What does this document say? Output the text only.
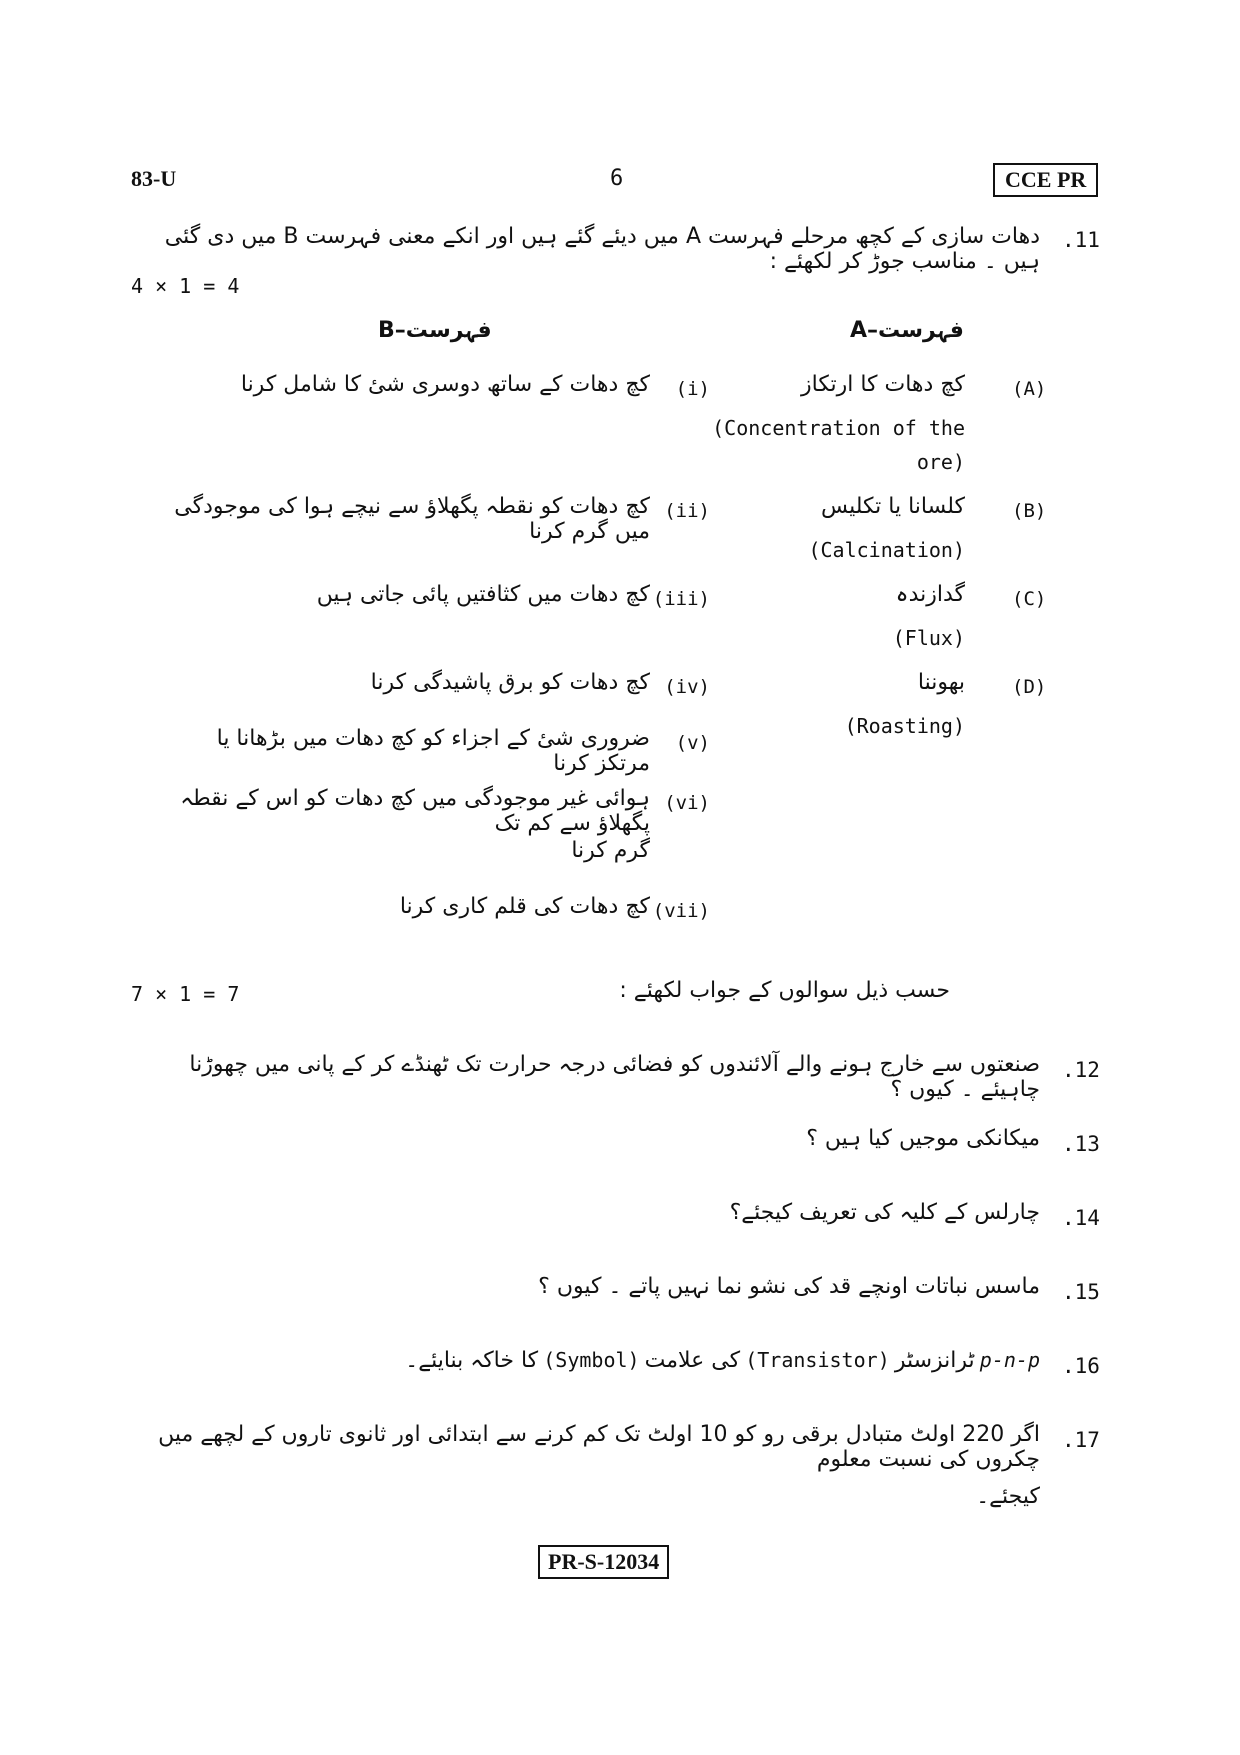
83-U	6	CCE PR
.11
دھات سازی کے کچھ مرحلے فہرست A میں دیئے گئے ہیں اور انکے معنی فہرست B میں دی گئی ہیں ۔ مناسب جوڑ کر لکھئے :
4 × 1 = 4
فہرست–A
فہرست–B
(A)
کچ دھات کا ارتکاز
(Concentration of the
ore)
(B)
کلسانا یا تکلیس
(Calcination)
(C)
گدازندہ
(Flux)
(D)
بھوننا
(Roasting)
(i)
کچ دھات کے ساتھ دوسری شیٔ کا شامل کرنا
(ii)
کچ دھات کو نقطہ پگھلاؤ سے نیچے ہوا کی موجودگی میں گرم کرنا
(iii)
کچ دھات میں کثافتیں پائی جاتی ہیں
(iv)
کچ دھات کو برق پاشیدگی کرنا
(v)
ضروری شیٔ کے اجزاء کو کچ دھات میں بڑھانا یا مرتکز کرنا
(vi)
ہوائی غیر موجودگی میں کچ دھات کو اس کے نقطہ پگھلاؤ سے کم تک
گرم کرنا
(vii)
کچ دھات کی قلم کاری کرنا
حسب ذیل سوالوں کے جواب لکھئے :
7 × 1 = 7
.12
صنعتوں سے خارج ہونے والے آلائندوں کو فضائی درجہ حرارت تک ٹھنڈے کر کے پانی میں چھوڑنا چاہیئے ۔ کیوں ؟
.13
میکانکی موجیں کیا ہیں ؟
.14
چارلس کے کلیہ کی تعریف کیجئے؟
.15
ماسس نباتات اونچے قد کی نشو نما نہیں پاتے ۔ کیوں ؟
.16
p-n-p ٹرانزسٹر (Transistor) کی علامت (Symbol) کا خاکہ بنایئے۔
.17
اگر 220 اولٹ متبادل برقی رو کو 10 اولٹ تک کم کرنے سے ابتدائی اور ثانوی تاروں کے لچھے میں چکروں کی نسبت معلوم
کیجئے۔
PR-S-12034
